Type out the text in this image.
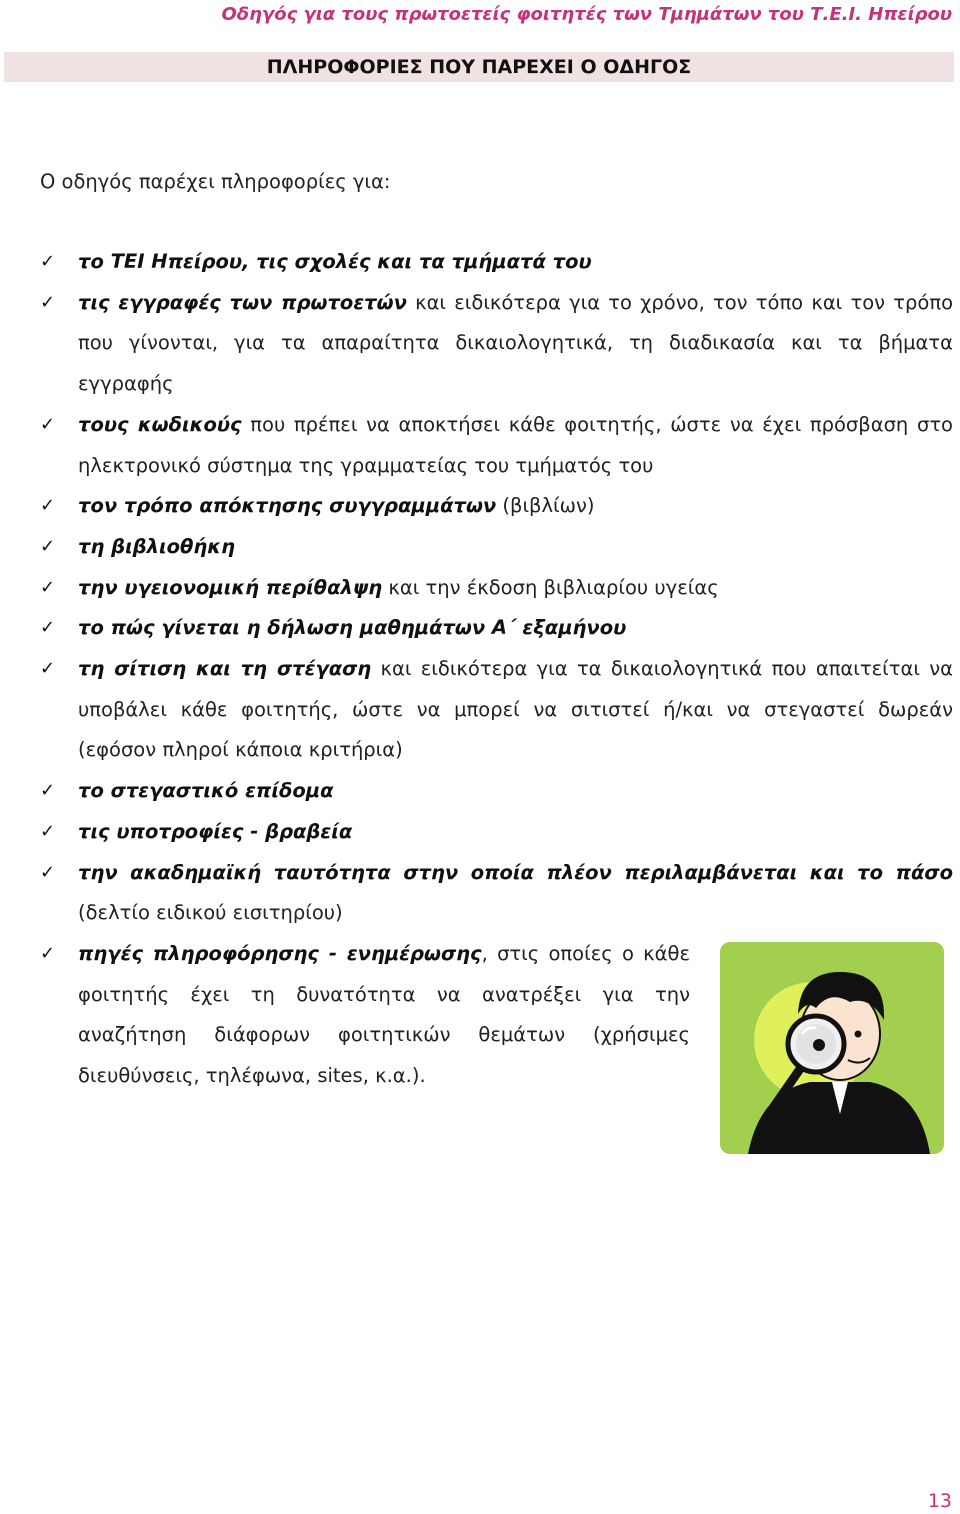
Οδηγός για τους πρωτοετείς φοιτητές των Τμημάτων του Τ.Ε.Ι. Ηπείρου
ΠΛΗΡΟΦΟΡΙΕΣ ΠΟΥ ΠΑΡΕΧΕΙ Ο ΟΔΗΓΟΣ
Ο οδηγός παρέχει πληροφορίες για:
✓ το ΤΕΙ Ηπείρου, τις σχολές και τα τμήματά του
✓ τις εγγραφές των πρωτοετών και ειδικότερα για το χρόνο, τον τόπο και τον τρόπο που γίνονται, για τα απαραίτητα δικαιολογητικά, τη διαδικασία και τα βήματα εγγραφής
✓ τους κωδικούς που πρέπει να αποκτήσει κάθε φοιτητής, ώστε να έχει πρόσβαση στο ηλεκτρονικό σύστημα της γραμματείας του τμήματός του
✓ τον τρόπο απόκτησης συγγραμμάτων (βιβλίων)
✓ τη βιβλιοθήκη
✓ την υγειονομική περίθαλψη και την έκδοση βιβλιαρίου υγείας
✓ το πώς γίνεται η δήλωση μαθημάτων Α΄ εξαμήνου
✓ τη σίτιση και τη στέγαση και ειδικότερα για τα δικαιολογητικά που απαιτείται να υποβάλει κάθε φοιτητής, ώστε να μπορεί να σιτιστεί ή/και να στεγαστεί δωρεάν (εφόσον πληροί κάποια κριτήρια)
✓ το στεγαστικό επίδομα
✓ τις υποτροφίες - βραβεία
✓ την ακαδημαϊκή ταυτότητα στην οποία πλέον περιλαμβάνεται και το πάσο (δελτίο ειδικού εισιτηρίου)
✓ πηγές πληροφόρησης - ενημέρωσης, στις οποίες ο κάθε φοιτητής έχει τη δυνατότητα να ανατρέξει για την αναζήτηση διάφορων φοιτητικών θεμάτων (χρήσιμες διευθύνσεις, τηλέφωνα, sites, κ.α.).
13
